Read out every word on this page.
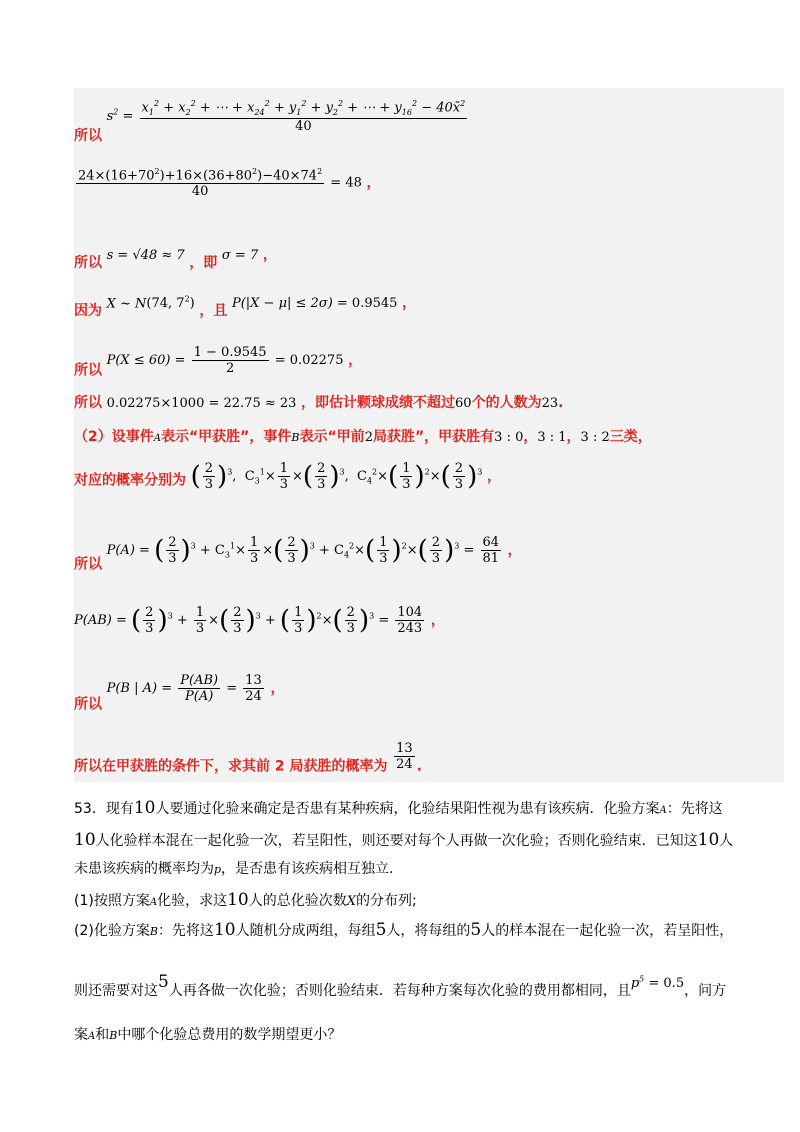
所以 $s^2 = \frac{x_1^2 + x_2^2 + \cdots + x_{24}^2 + y_1^2 + y_2^2 + \cdots + y_{16}^2 - 40x̄^2}{40}$
$\frac{24\times(16+70^2)+16\times(36+80^2)-40\times 74^2}{40} = 48$ ，
所以 s = √48 ≈ 7 ，即 σ = 7 ，
因为 X ~ N(74, $7^2$) ，且 P(|X − μ| ≤ 2σ) = 0.9545 ，
所以 $P(X \le 60) = \frac{1 - 0.9545}{2} = 0.02275$ ，
所以 0.02275×1000 = 22.75 ≈ 23 ，即估计颗球成绩不超过60个的人数为23.
（2）设事件A表示“甲获胜”，事件B表示“甲前2局获胜”，甲获胜有3 : 0，3 : 1，3 : 2三类，
对应的概率分别为 ( $\frac{2}{3} )^3$,  $C_3^1\times \frac{1}{3}$ ×( $\frac{2}{3} )^3$,  $C_4^2\times( \frac{1}{3} )^2\times( \frac{2}{3} )^3$ ，
所以 P(A) = ( $\frac{2}{3} )^3 + C_3^1\times \frac{1}{3}$ ×( $\frac{2}{3} )^3 + C_4^2\times( \frac{1}{3} )^2\times( \frac{2}{3} )^3 = \frac{64}{81}$ ，
P(AB) = ( $\frac{2}{3} )^3 + \frac{1}{3}$ ×( $\frac{2}{3} )^3$ + ( $\frac{1}{3} )^2\times( \frac{2}{3} )^3 = \frac{104}{243}$ ，
所以 P(B | $A) = \frac{P(AB)}{P(A)} = \frac{13}{24}$ ，
所以在甲获胜的条件下，求其前 2 局获胜的概率为 $\frac{13}{24}$ .
53．现有10人要通过化验来确定是否患有某种疾病，化验结果阳性视为患有该疾病．化验方案A：先将这
10人化验样本混在一起化验一次，若呈阳性，则还要对每个人再做一次化验；否则化验结束．已知这10人
未患该疾病的概率均为p，是否患有该疾病相互独立.
(1)按照方案A化验，求这10人的总化验次数X的分布列;
(2)化验方案B：先将这10人随机分成两组，每组5人，将每组的5人的样本混在一起化验一次，若呈阳性，
则还需要对这5人再各做一次化验；否则化验结束．若每种方案每次化验的费用都相同，且$p^5 = 0.5$，问方
案A和B中哪个化验总费用的数学期望更小？
